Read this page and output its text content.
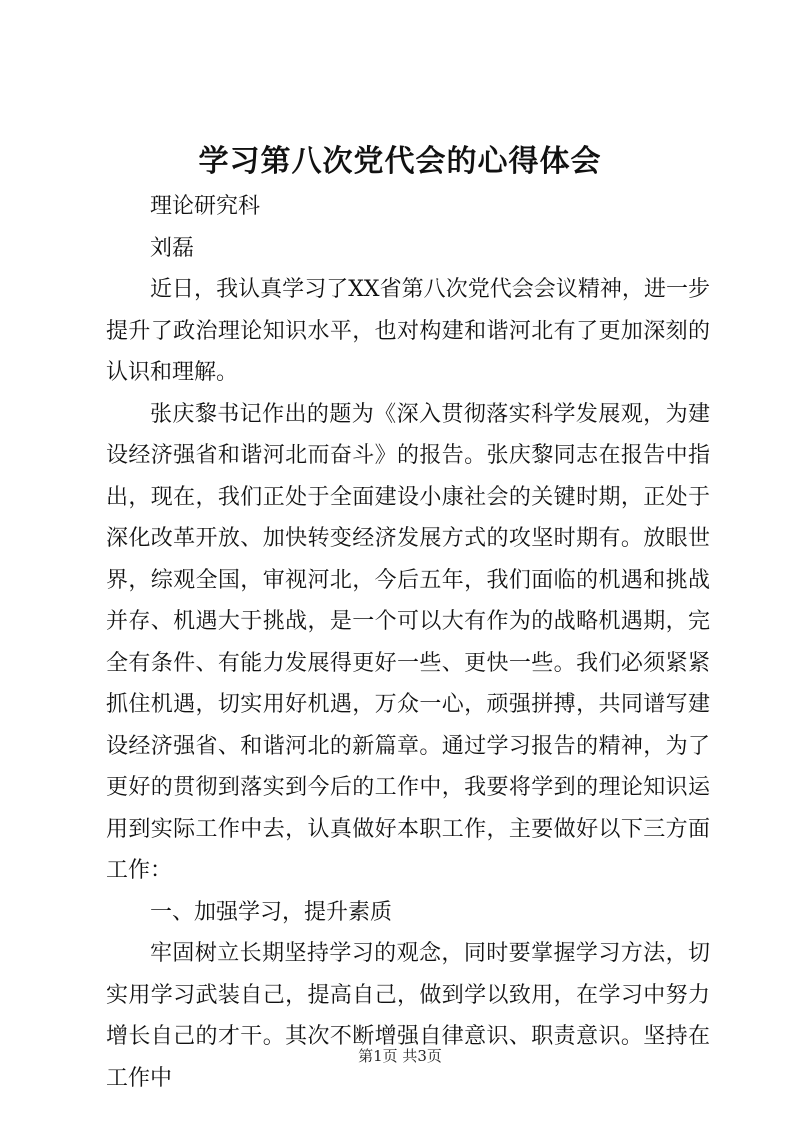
学习第八次党代会的心得体会

理论研究科

刘磊

近日，我认真学习了XX省第八次党代会会议精神，进一步提升了政治理论知识水平，也对构建和谐河北有了更加深刻的认识和理解。

张庆黎书记作出的题为《深入贯彻落实科学发展观，为建设经济强省和谐河北而奋斗》的报告。张庆黎同志在报告中指出，现在，我们正处于全面建设小康社会的关键时期，正处于深化改革开放、加快转变经济发展方式的攻坚时期有。放眼世界，综观全国，审视河北，今后五年，我们面临的机遇和挑战并存、机遇大于挑战，是一个可以大有作为的战略机遇期，完全有条件、有能力发展得更好一些、更快一些。我们必须紧紧抓住机遇，切实用好机遇，万众一心，顽强拼搏，共同谱写建设经济强省、和谐河北的新篇章。通过学习报告的精神，为了更好的贯彻到落实到今后的工作中，我要将学到的理论知识运用到实际工作中去，认真做好本职工作，主要做好以下三方面工作：

一、加强学习，提升素质

牢固树立长期坚持学习的观念，同时要掌握学习方法，切实用学习武装自己，提高自己，做到学以致用，在学习中努力增长自己的才干。其次不断增强自律意识、职责意识。坚持在工作中

第1页 共3页
